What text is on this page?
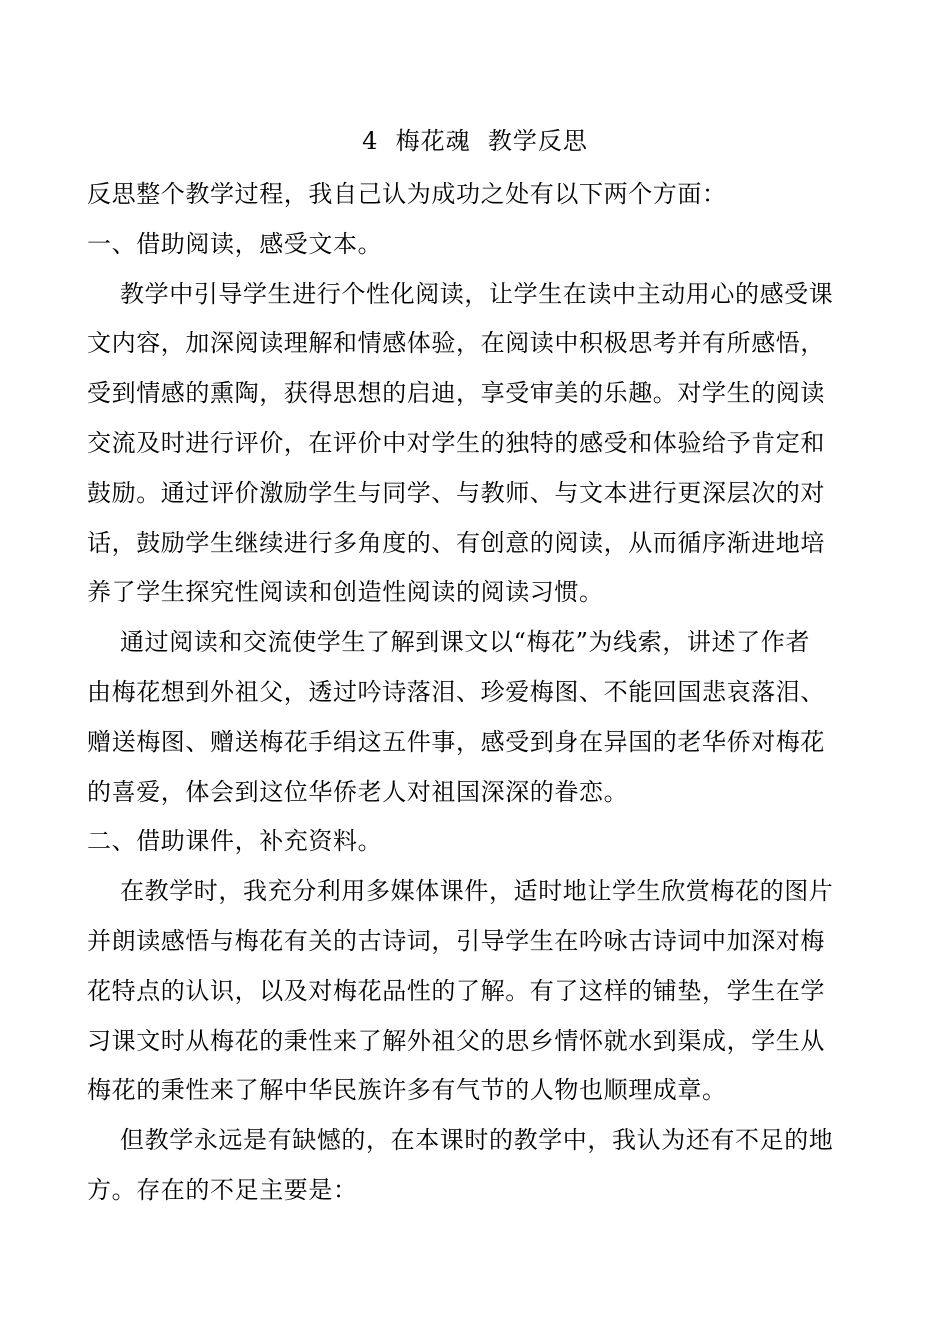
4  梅花魂  教学反思
反思整个教学过程，我自己认为成功之处有以下两个方面：
一、借助阅读，感受文本。
教学中引导学生进行个性化阅读，让学生在读中主动用心的感受课
文内容，加深阅读理解和情感体验，在阅读中积极思考并有所感悟，
受到情感的熏陶，获得思想的启迪，享受审美的乐趣。对学生的阅读
交流及时进行评价，在评价中对学生的独特的感受和体验给予肯定和
鼓励。通过评价激励学生与同学、与教师、与文本进行更深层次的对
话，鼓励学生继续进行多角度的、有创意的阅读，从而循序渐进地培
养了学生探究性阅读和创造性阅读的阅读习惯。
通过阅读和交流使学生了解到课文以“梅花”为线索，讲述了作者
由梅花想到外祖父，透过吟诗落泪、珍爱梅图、不能回国悲哀落泪、
赠送梅图、赠送梅花手绢这五件事，感受到身在异国的老华侨对梅花
的喜爱，体会到这位华侨老人对祖国深深的眷恋。
二、借助课件，补充资料。
在教学时，我充分利用多媒体课件，适时地让学生欣赏梅花的图片
并朗读感悟与梅花有关的古诗词，引导学生在吟咏古诗词中加深对梅
花特点的认识，以及对梅花品性的了解。有了这样的铺垫，学生在学
习课文时从梅花的秉性来了解外祖父的思乡情怀就水到渠成，学生从
梅花的秉性来了解中华民族许多有气节的人物也顺理成章。
但教学永远是有缺憾的，在本课时的教学中，我认为还有不足的地
方。存在的不足主要是：
